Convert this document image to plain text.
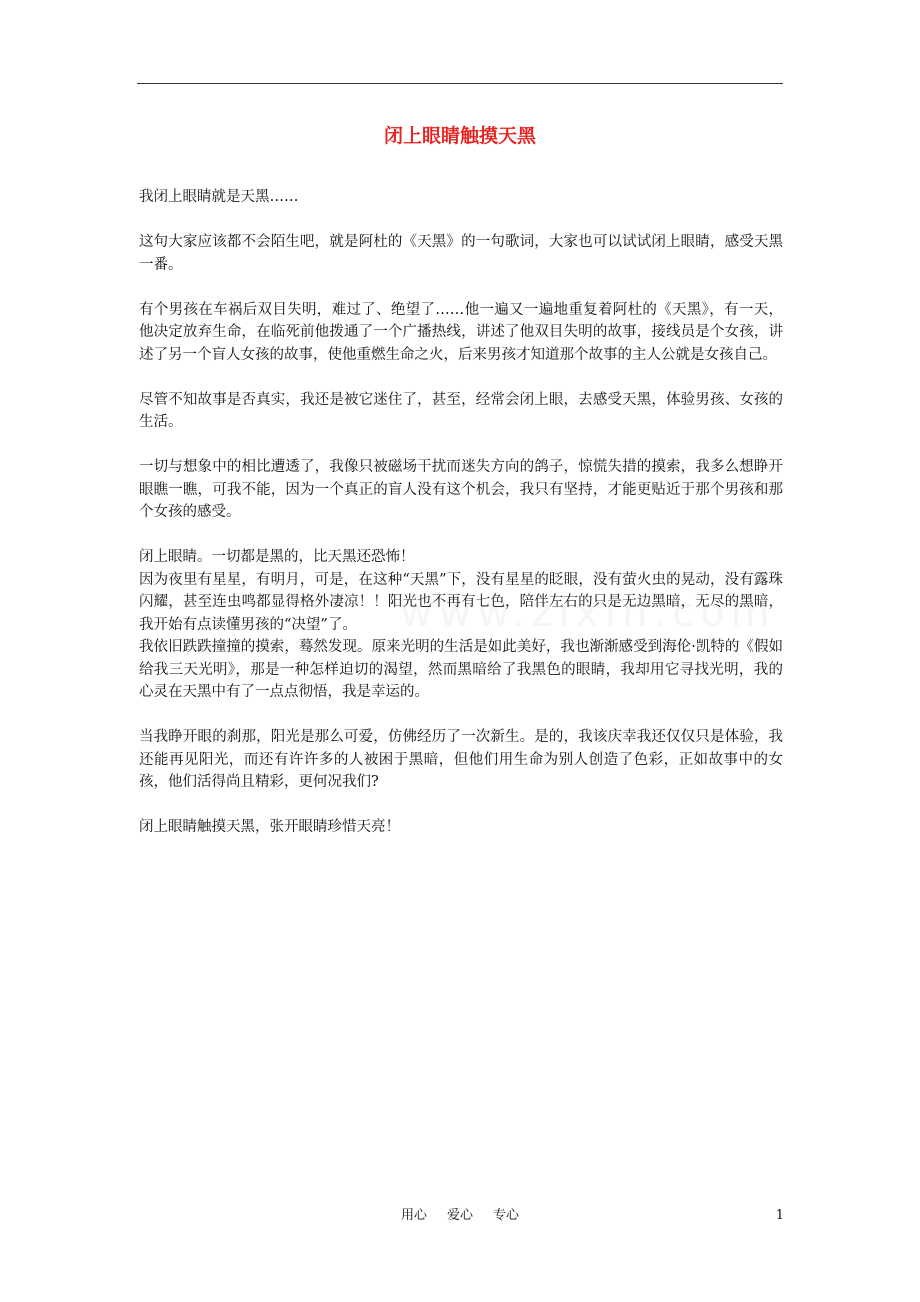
闭上眼睛触摸天黑

我闭上眼睛就是天黑……

这句大家应该都不会陌生吧，就是阿杜的《天黑》的一句歌词，大家也可以试试闭上眼睛，感受天黑一番。

有个男孩在车祸后双目失明，难过了、绝望了……他一遍又一遍地重复着阿杜的《天黑》，有一天，他决定放弃生命，在临死前他拨通了一个广播热线，讲述了他双目失明的故事，接线员是个女孩，讲述了另一个盲人女孩的故事，使他重燃生命之火，后来男孩才知道那个故事的主人公就是女孩自己。

尽管不知故事是否真实，我还是被它迷住了，甚至，经常会闭上眼，去感受天黑，体验男孩、女孩的生活。

一切与想象中的相比遭透了，我像只被磁场干扰而迷失方向的鸽子，惊慌失措的摸索，我多么想睁开眼瞧一瞧，可我不能，因为一个真正的盲人没有这个机会，我只有坚持，才能更贴近于那个男孩和那个女孩的感受。

闭上眼睛。一切都是黑的，比天黑还恐怖！

因为夜里有星星，有明月，可是，在这种“天黑”下，没有星星的眨眼，没有萤火虫的晃动，没有露珠闪耀，甚至连虫鸣都显得格外凄凉！！阳光也不再有七色，陪伴左右的只是无边黑暗，无尽的黑暗，我开始有点读懂男孩的“决望”了。

我依旧跌跌撞撞的摸索，蓦然发现。原来光明的生活是如此美好，我也渐渐感受到海伦·凯特的《假如给我三天光明》，那是一种怎样迫切的渴望，然而黑暗给了我黑色的眼睛，我却用它寻找光明，我的心灵在天黑中有了一点点彻悟，我是幸运的。

当我睁开眼的刹那，阳光是那么可爱，仿佛经历了一次新生。是的，我该庆幸我还仅仅只是体验，我还能再见阳光，而还有许许多的人被困于黑暗，但他们用生命为别人创造了色彩，正如故事中的女孩，他们活得尚且精彩，更何况我们?

闭上眼睛触摸天黑，张开眼睛珍惜天亮！

用心 爱心 专心	1
